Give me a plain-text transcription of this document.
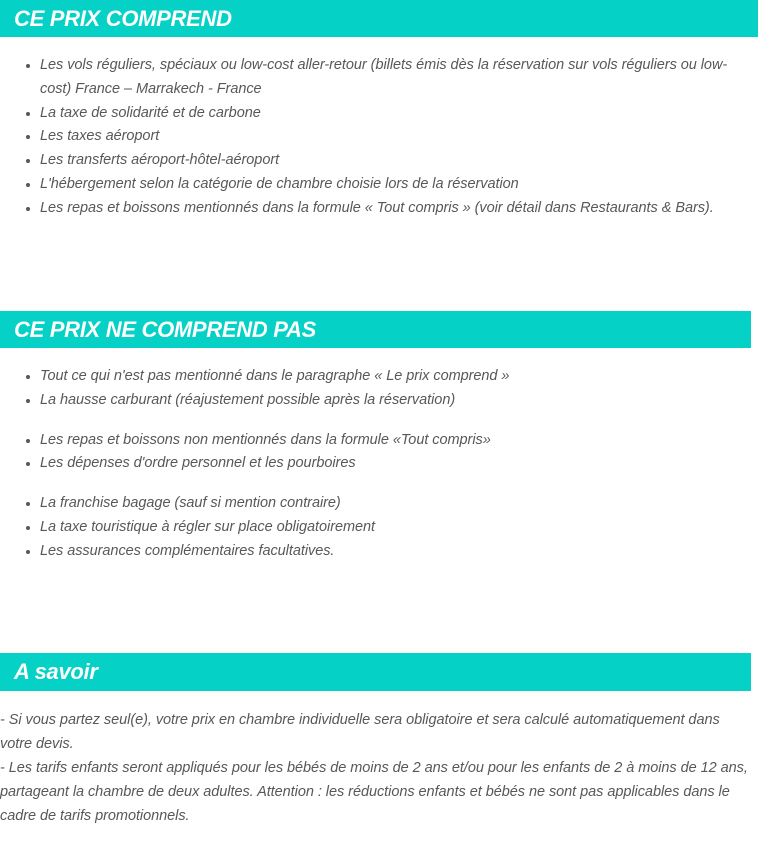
CE PRIX COMPREND
Les vols réguliers, spéciaux ou low-cost aller-retour (billets émis dès la réservation sur vols réguliers ou low-cost) France – Marrakech - France
La taxe de solidarité et de carbone
Les taxes aéroport
Les transferts aéroport-hôtel-aéroport
L'hébergement selon la catégorie de chambre choisie lors de la réservation
Les repas et boissons mentionnés dans la formule « Tout compris » (voir détail dans Restaurants & Bars).
CE PRIX NE COMPREND PAS
Tout ce qui n'est pas mentionné dans le paragraphe « Le prix comprend »
La hausse carburant (réajustement possible après la réservation)
Les repas et boissons non mentionnés dans la formule «Tout compris»
Les dépenses d'ordre personnel et les pourboires
La franchise bagage (sauf si mention contraire)
La taxe touristique à régler sur place obligatoirement
Les assurances complémentaires facultatives.
A savoir

- Si vous partez seul(e), votre prix en chambre individuelle sera obligatoire et sera calculé automatiquement dans votre devis.

- Les tarifs enfants seront appliqués pour les bébés de moins de 2 ans et/ou pour les enfants de 2 à moins de 12 ans, partageant la chambre de deux adultes. Attention : les réductions enfants et bébés ne sont pas applicables dans le cadre de tarifs promotionnels.
